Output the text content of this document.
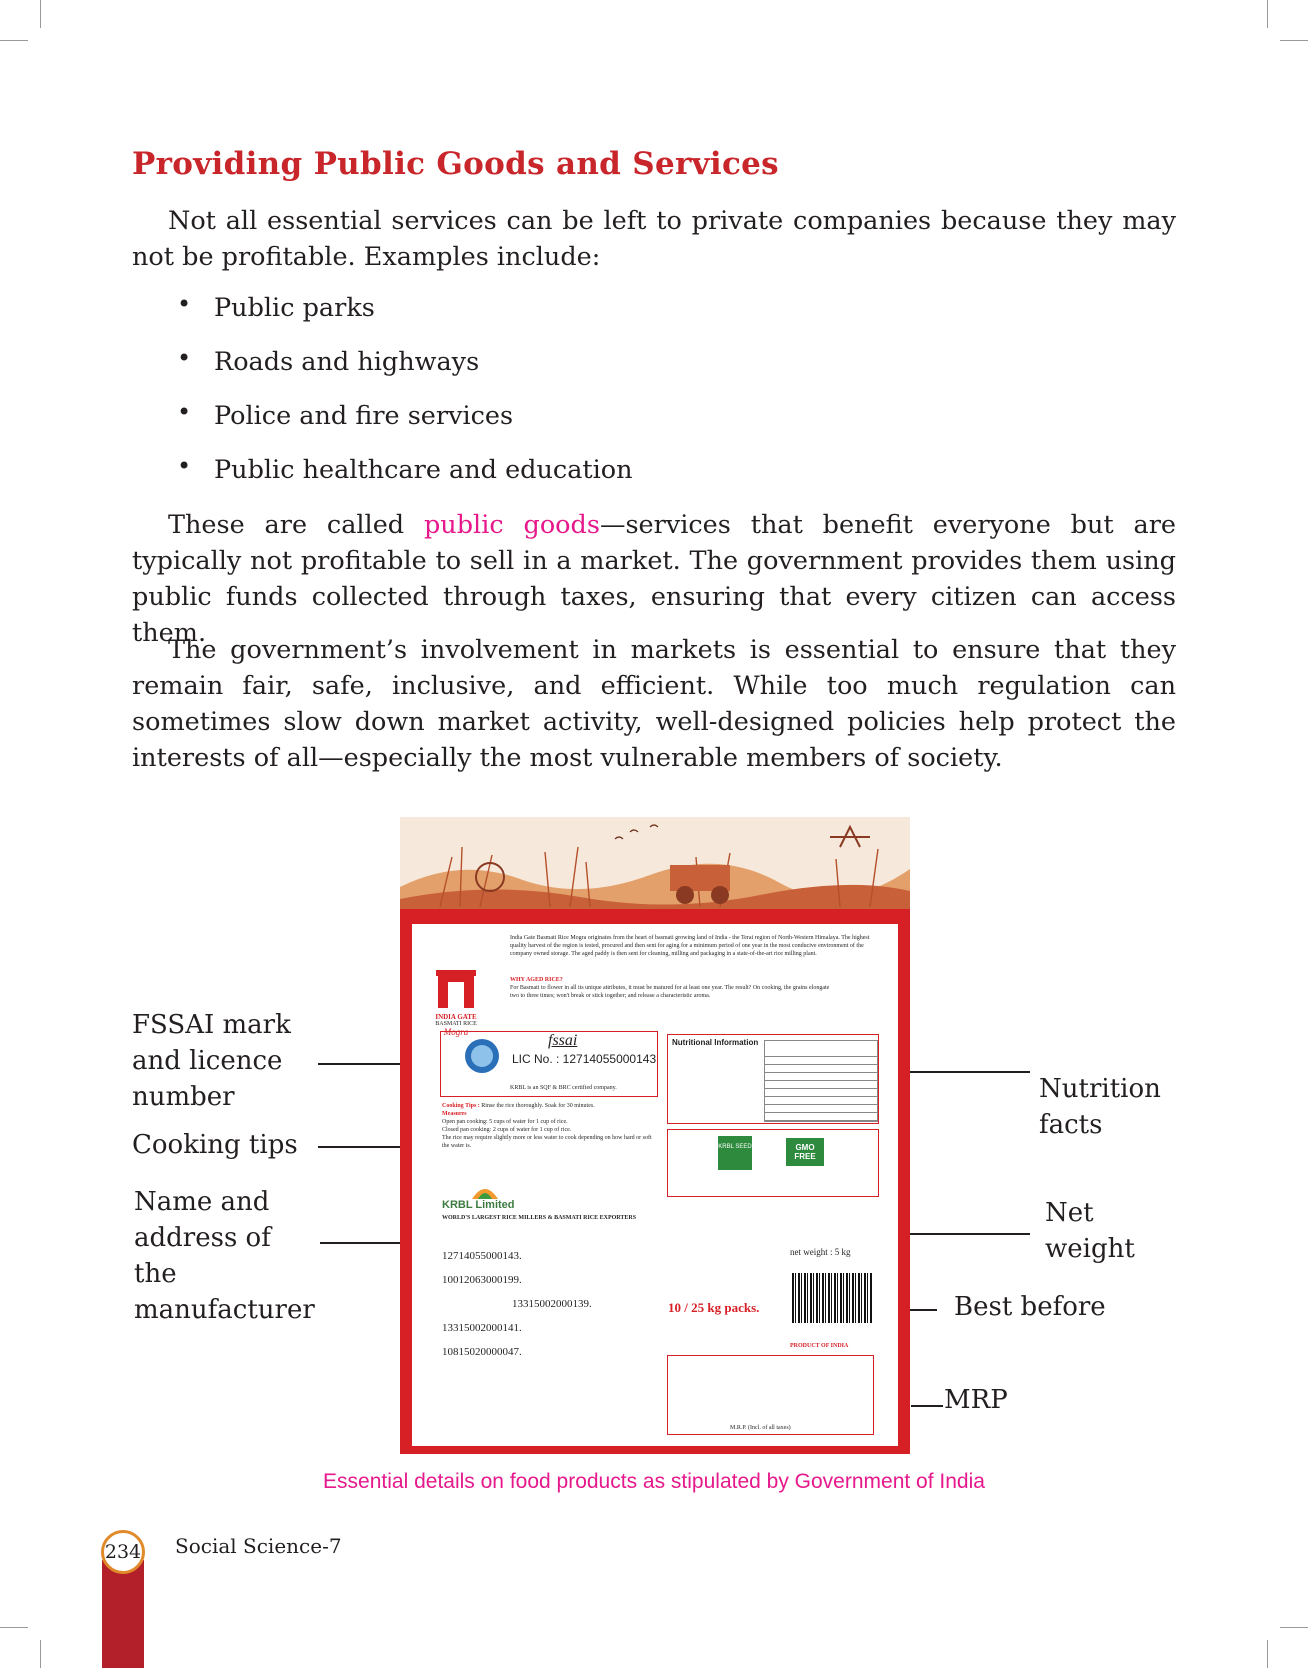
Providing Public Goods and Services

Not all essential services can be left to private companies because they may not be profitable. Examples include:

• Public parks
• Roads and highways
• Police and fire services
• Public healthcare and education

These are called public goods—services that benefit everyone but are typically not profitable to sell in a market. The government provides them using public funds collected through taxes, ensuring that every citizen can access them.

The government’s involvement in markets is essential to ensure that they remain fair, safe, inclusive, and efficient. While too much regulation can sometimes slow down market activity, well-designed policies help protect the interests of all—especially the most vulnerable members of society.

FSSAI mark and licence number
Cooking tips
Name and address of the manufacturer
Nutrition facts
Net weight
Best before
MRP
INDIA GATE
BASMATI RICE
Mogra
India Gate Basmati Rice Mogra originates from the heart of basmati growing land of India - the Terai region of North-Western Himalaya. The highest quality harvest of the region is tested, procured and then sent for aging for a minimum period of one year in the most conducive environment of the company owned storage. The aged paddy is then sent for cleaning, milling and packaging in a state-of-the-art rice milling plant.
WHY AGED RICE?
For Basmati to flower in all its unique attributes, it must be matured for at least one year. The result? On cooking, the grains elongate two to three times; won't break or stick together; and release a characteristic aroma.
fssai
LIC No. : 12714055000143
KRBL is an SQF & BRC certified company.
Cooking Tips : Rinse the rice thoroughly. Soak for 30 minutes.
Measures
Open pan cooking: 5 cups of water for 1 cup of rice.
Closed pan cooking: 2 cups of water for 1 cup of rice.
The rice may require slightly more or less water to cook depending on how hard or soft the water is.
KRBL Limited
WORLD'S LARGEST RICE MILLERS & BASMATI RICE EXPORTERS
12714055000143.
10012063000199.
13315002000139.
13315002000141.
10815020000047.
Nutritional Information
KRBL SEED	GMO FREE
net weight : 5 kg
10 / 25 kg packs.
PRODUCT OF INDIA
M.R.P. (Incl. of all taxes)
Essential details on food products as stipulated by Government of India
234 Social Science-7
